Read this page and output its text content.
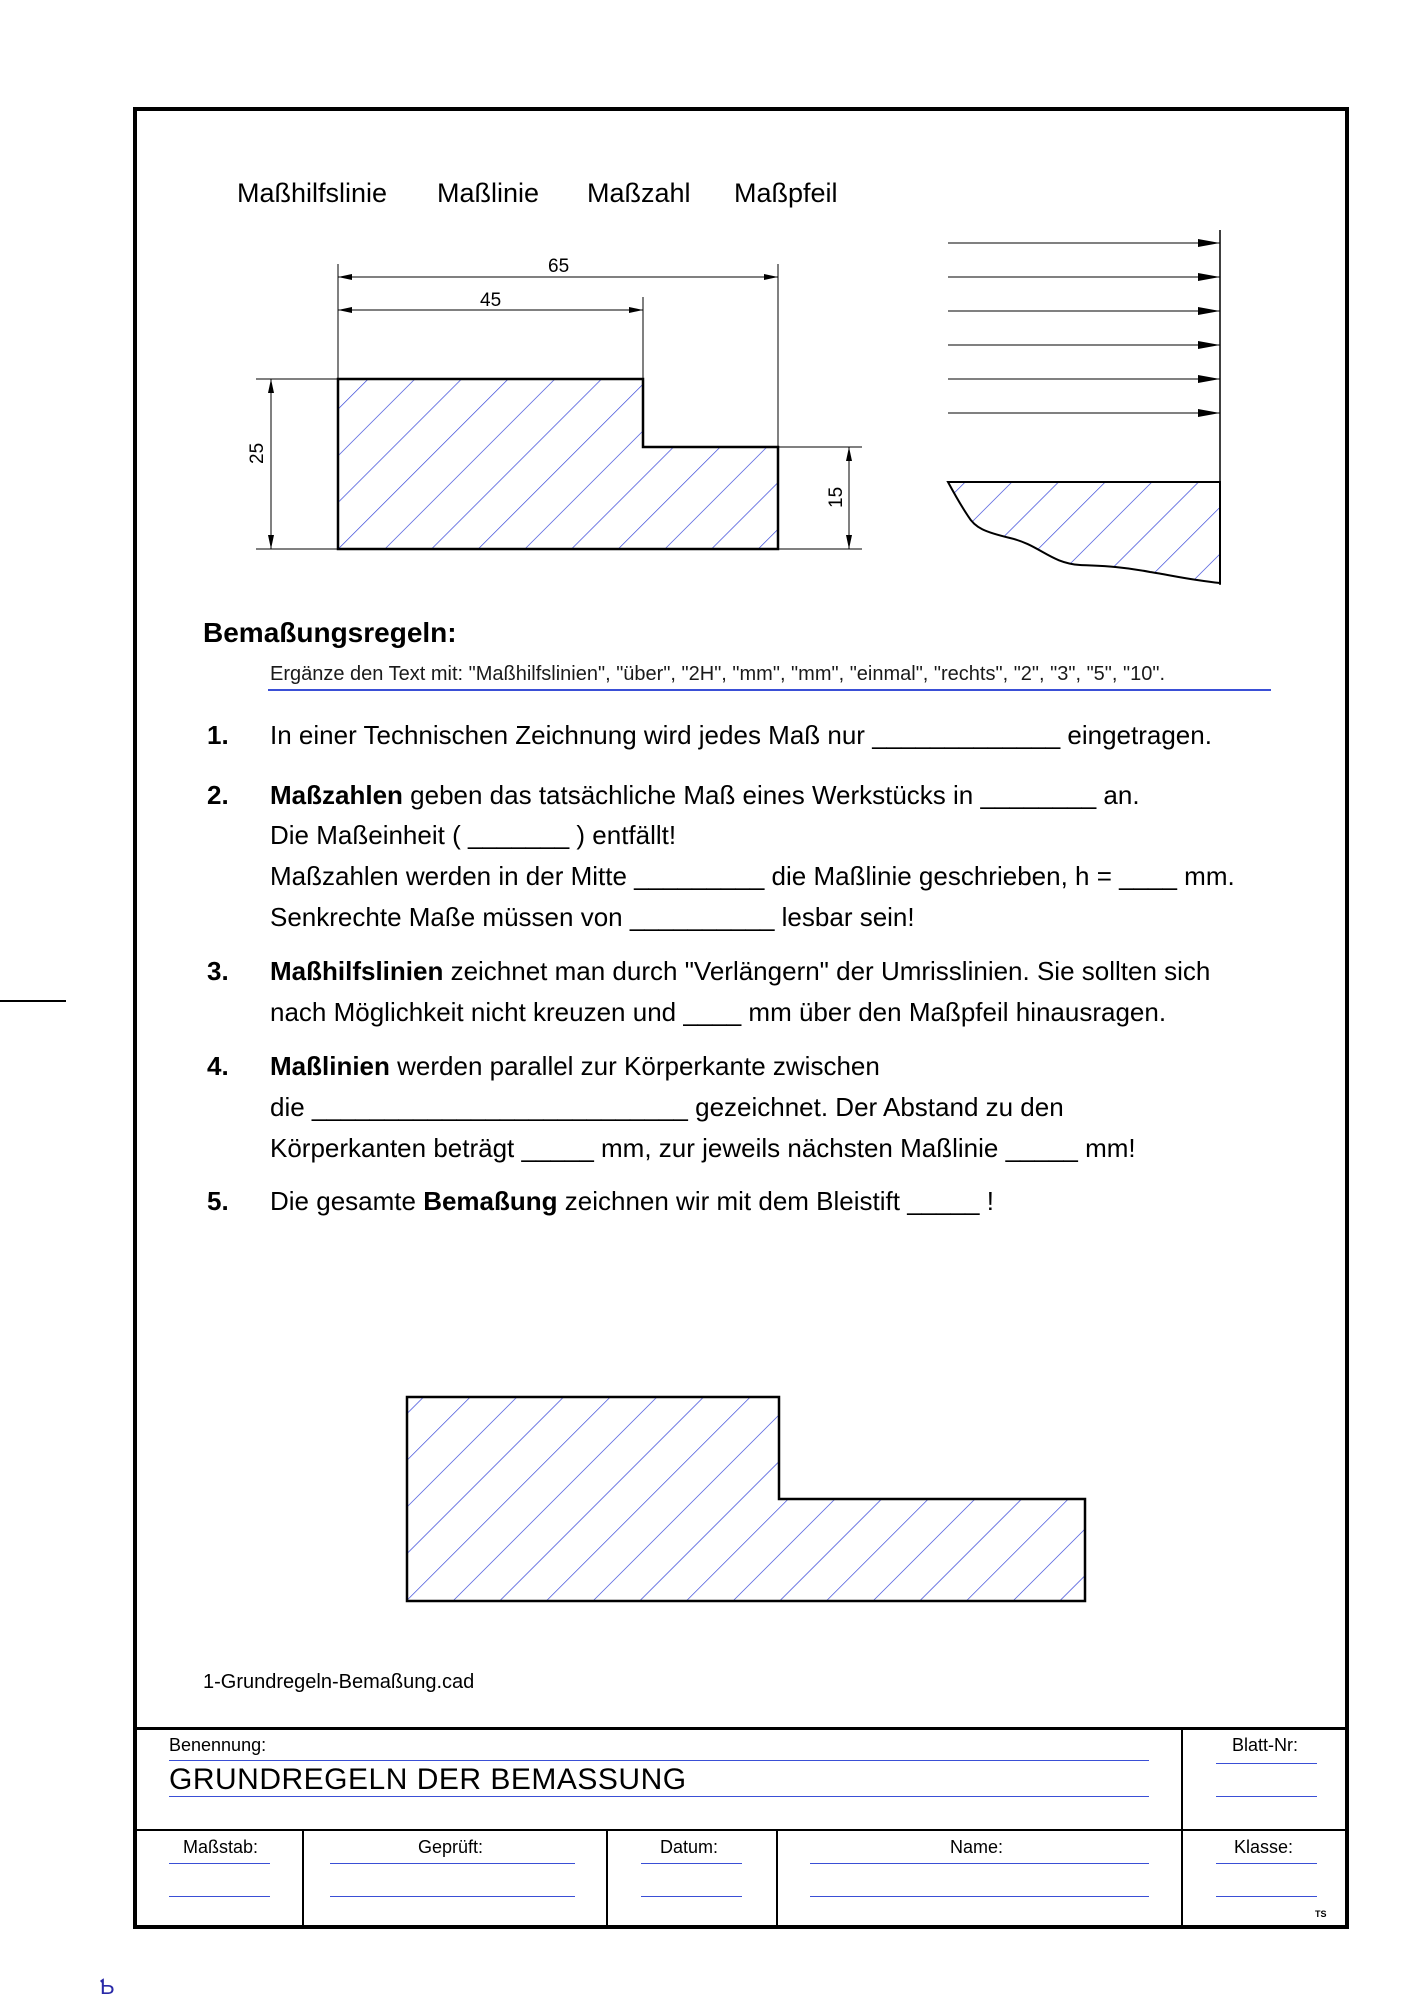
Maßhilfslinie Maßlinie Maßzahl Maßpfeil
65
45
25
15
Bemaßungsregeln:
Ergänze den Text mit: "Maßhilfslinien", "über", "2H", "mm", "mm", "einmal", "rechts", "2", "3", "5", "10".
1. In einer Technischen Zeichnung wird jedes Maß nur _____________ eingetragen.
2. Maßzahlen geben das tatsächliche Maß eines Werkstücks in ________ an.
Die Maßeinheit ( _______ ) entfällt!
Maßzahlen werden in der Mitte _________ die Maßlinie geschrieben, h = ____ mm.
Senkrechte Maße müssen von __________ lesbar sein!
3. Maßhilfslinien zeichnet man durch "Verlängern" der Umrisslinien. Sie sollten sich
nach Möglichkeit nicht kreuzen und ____ mm über den Maßpfeil hinausragen.
4. Maßlinien werden parallel zur Körperkante zwischen
die __________________________ gezeichnet. Der Abstand zu den
Körperkanten beträgt _____ mm, zur jeweils nächsten Maßlinie _____ mm!
5. Die gesamte Bemaßung zeichnen wir mit dem Bleistift _____ !
1-Grundregeln-Bemaßung.cad
Benennung:
GRUNDREGELN DER BEMASSUNG
Blatt-Nr:
Maßstab:	Geprüft:	Datum:	Name:	Klasse:
TS
Ƅ
